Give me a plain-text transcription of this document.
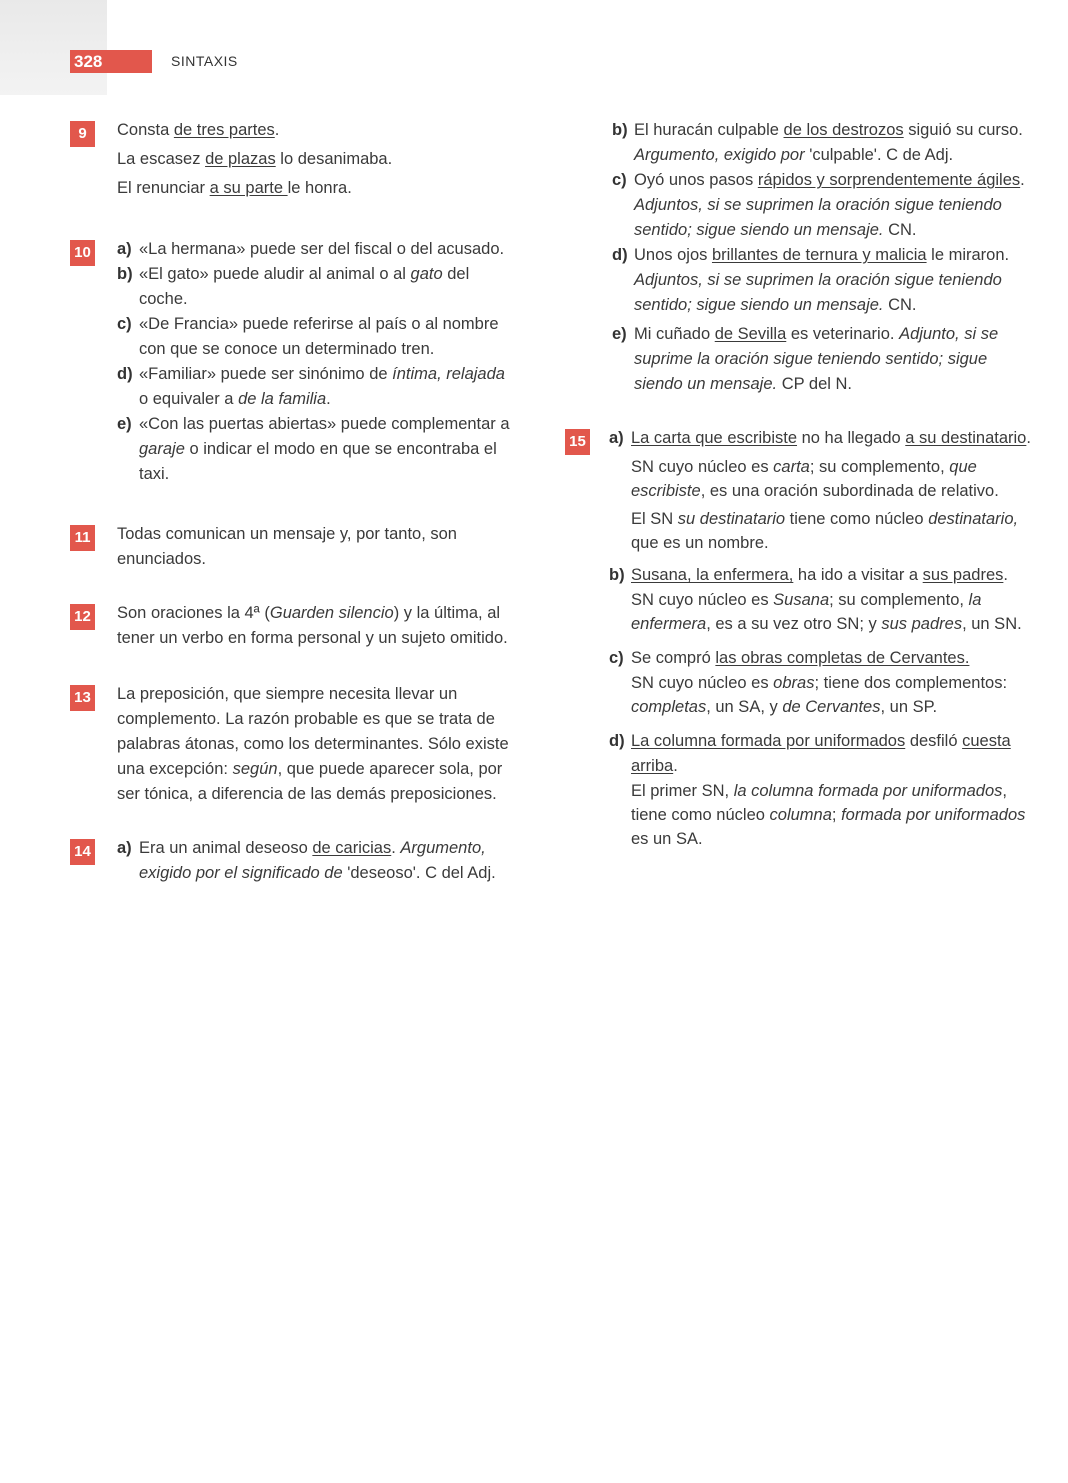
328	SINTAXIS
9	Consta de tres partes.

La escasez de plazas lo desanimaba.

El renunciar a su parte le honra.

10 a) «La hermana» puede ser del fiscal o del acusado.
b) «El gato» puede aludir al animal o al gato del coche.
c) «De Francia» puede referirse al país o al nombre con que se conoce un determinado tren.
d) «Familiar» puede ser sinónimo de íntima, relajada o equivaler a de la familia.
e) «Con las puertas abiertas» puede complementar a garaje o indicar el modo en que se encontraba el taxi.
11 Todas comunican un mensaje y, por tanto, son enunciados.

12 Son oraciones la 4ª (Guarden silencio) y la última, al tener un verbo en forma personal y un sujeto omitido.

13 La preposición, que siempre necesita llevar un complemento. La razón probable es que se trata de palabras átonas, como los determinantes. Sólo existe una excepción: según, que puede aparecer sola, por ser tónica, a diferencia de las demás preposiciones.

14 a) Era un animal deseoso de caricias. Argumento, exigido por el significado de 'deseoso'. C del Adj.
b) El huracán culpable de los destrozos siguió su curso. Argumento, exigido por 'culpable'. C de Adj.
c) Oyó unos pasos rápidos y sorprendentemente ágiles. Adjuntos, si se suprimen la oración sigue teniendo sentido; sigue siendo un mensaje. CN.
d) Unos ojos brillantes de ternura y malicia le miraron. Adjuntos, si se suprimen la oración sigue teniendo sentido; sigue siendo un mensaje. CN.
e) Mi cuñado de Sevilla es veterinario. Adjunto, si se suprime la oración sigue teniendo sentido; sigue siendo un mensaje. CP del N.
15 a) La carta que escribiste no ha llegado a su destinatario.

SN cuyo núcleo es carta; su complemento, que escribiste, es una oración subordinada de relativo.

El SN su destinatario tiene como núcleo destinatario, que es un nombre.

b) Susana, la enfermera, ha ido a visitar a sus padres.

SN cuyo núcleo es Susana; su complemento, la enfermera, es a su vez otro SN; y sus padres, un SN.

c) Se compró las obras completas de Cervantes.

SN cuyo núcleo es obras; tiene dos complementos: completas, un SA, y de Cervantes, un SP.

d) La columna formada por uniformados desfiló cuesta arriba.

El primer SN, la columna formada por uniformados, tiene como núcleo columna; formada por uniformados es un SA.
